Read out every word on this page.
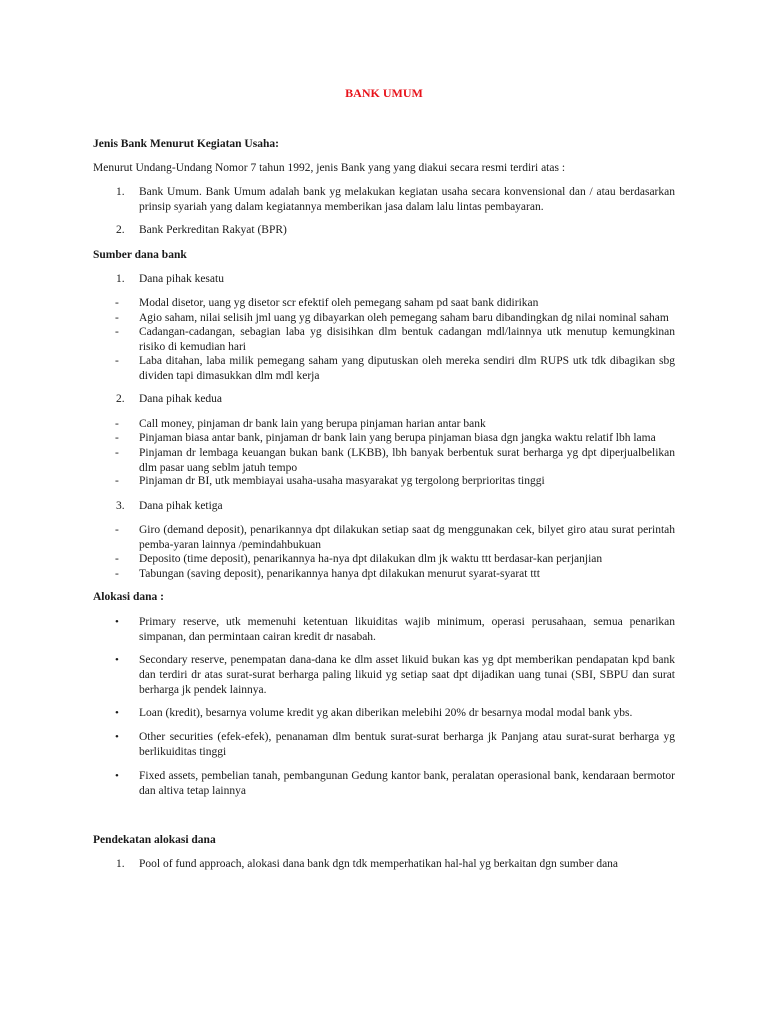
BANK UMUM
Jenis Bank Menurut Kegiatan Usaha:
Menurut Undang-Undang Nomor 7 tahun 1992, jenis Bank yang yang diakui secara resmi terdiri atas :
1.	Bank Umum. Bank Umum adalah bank yg melakukan kegiatan usaha secara konvensional dan / atau berdasarkan prinsip syariah yang dalam kegiatannya memberikan jasa dalam lalu lintas pembayaran.
2.	Bank Perkreditan Rakyat (BPR)
Sumber dana bank
1.	Dana pihak kesatu
-	Modal disetor, uang yg disetor scr efektif oleh pemegang saham pd saat bank didirikan
-	Agio saham, nilai selisih jml uang yg dibayarkan oleh pemegang saham baru dibandingkan dg nilai nominal saham
-	Cadangan-cadangan, sebagian laba yg disisihkan dlm bentuk cadangan mdl/lainnya utk menutup kemungkinan risiko di kemudian hari
-	Laba ditahan, laba milik pemegang saham yang diputuskan oleh mereka sendiri dlm RUPS utk tdk dibagikan sbg dividen tapi dimasukkan dlm mdl kerja
2.	Dana pihak kedua
-	Call money, pinjaman dr bank lain yang berupa pinjaman harian antar bank
-	Pinjaman biasa antar bank, pinjaman dr bank lain yang berupa pinjaman biasa dgn jangka waktu relatif lbh lama
-	Pinjaman dr lembaga keuangan bukan bank (LKBB), lbh banyak berbentuk surat berharga yg dpt diperjualbelikan dlm pasar uang seblm jatuh tempo
-	Pinjaman dr BI, utk membiayai usaha-usaha masyarakat yg tergolong berprioritas tinggi
3.	Dana pihak ketiga
-	Giro (demand deposit), penarikannya dpt dilakukan setiap saat dg menggunakan cek, bilyet giro atau surat perintah pemba-yaran lainnya /pemindahbukuan
-	Deposito (time deposit), penarikannya ha-nya dpt dilakukan dlm jk waktu ttt berdasar-kan perjanjian
-	Tabungan (saving deposit), penarikannya hanya dpt dilakukan menurut syarat-syarat ttt
Alokasi dana :
•	Primary reserve, utk memenuhi ketentuan likuiditas wajib minimum, operasi perusahaan, semua penarikan simpanan, dan permintaan cairan kredit dr nasabah.
•	Secondary reserve, penempatan dana-dana ke dlm asset likuid bukan kas yg dpt memberikan pendapatan kpd bank dan terdiri dr atas surat-surat berharga paling likuid yg setiap saat dpt dijadikan uang tunai (SBI, SBPU dan surat berharga jk pendek lainnya.
•	Loan (kredit), besarnya volume kredit yg akan diberikan melebihi 20% dr besarnya modal modal bank ybs.
•	Other securities (efek-efek), penanaman dlm bentuk surat-surat berharga jk Panjang atau surat-surat berharga yg berlikuiditas tinggi
•	Fixed assets, pembelian tanah, pembangunan Gedung kantor bank, peralatan operasional bank, kendaraan bermotor dan altiva tetap lainnya
Pendekatan alokasi dana
1.	Pool of fund approach, alokasi dana bank dgn tdk memperhatikan hal-hal yg berkaitan dgn sumber dana
